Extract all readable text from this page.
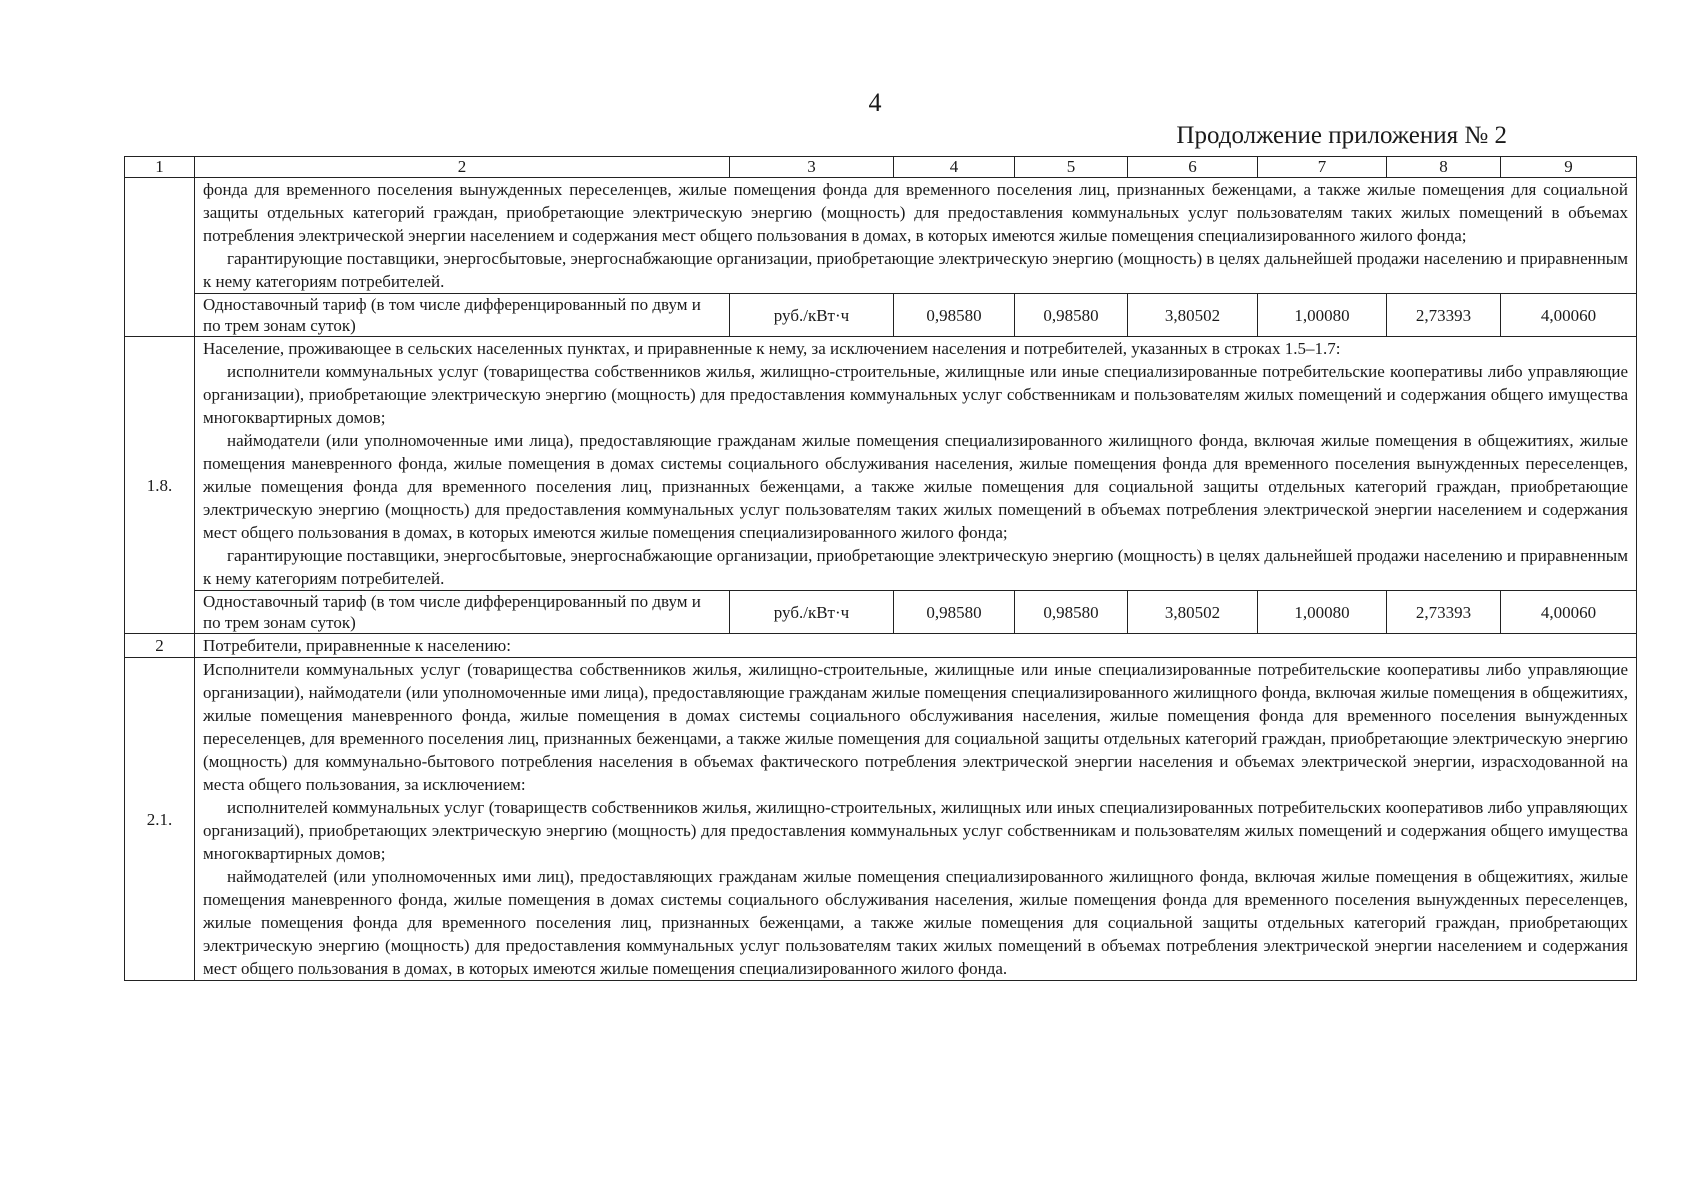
4
Продолжение приложения № 2
1	2	3	4	5	6	7	8	9

	фонда для временного поселения вынужденных переселенцев, жилые помещения фонда для временного поселения лиц, признанных беженцами, а также жилые помещения для социальной защиты отдельных категорий граждан, приобретающие электрическую энергию (мощность) для предоставления коммунальных услуг пользователям таких жилых помещений в объемах потребления электрической энергии населением и содержания мест общего пользования в домах, в которых имеются жилые помещения специализированного жилого фонда;

гарантирующие поставщики, энергосбытовые, энергоснабжающие организации, приобретающие электрическую энергию (мощность) в целях дальнейшей продажи населению и приравненным к нему категориям потребителей.							

	Одноставочный тариф (в том числе дифференцированный по двум и по трем зонам суток)	руб./кВт·ч	0,98580	0,98580	3,80502	1,00080	2,73393	4,00060
1.8.	Население, проживающее в сельских населенных пунктах, и приравненные к нему, за исключением населения и потребителей, указанных в строках 1.5–1.7:

исполнители коммунальных услуг (товарищества собственников жилья, жилищно-строительные, жилищные или иные специализированные потребительские кооперативы либо управляющие организации), приобретающие электрическую энергию (мощность) для предоставления коммунальных услуг собственникам и пользователям жилых помещений и содержания общего имущества многоквартирных домов;

наймодатели (или уполномоченные ими лица), предоставляющие гражданам жилые помещения специализированного жилищного фонда, включая жилые помещения в общежитиях, жилые помещения маневренного фонда, жилые помещения в домах системы социального обслуживания населения, жилые помещения фонда для временного поселения вынужденных переселенцев, жилые помещения фонда для временного поселения лиц, признанных беженцами, а также жилые помещения для социальной защиты отдельных категорий граждан, приобретающие электрическую энергию (мощность) для предоставления коммунальных услуг пользователям таких жилых помещений в объемах потребления электрической энергии населением и содержания мест общего пользования в домах, в которых имеются жилые помещения специализированного жилого фонда;

гарантирующие поставщики, энергосбытовые, энергоснабжающие организации, приобретающие электрическую энергию (мощность) в целях дальнейшей продажи населению и приравненным к нему категориям потребителей.							

	Одноставочный тариф (в том числе дифференцированный по двум и по трем зонам суток)	руб./кВт·ч	0,98580	0,98580	3,80502	1,00080	2,73393	4,00060
2	Потребители, приравненные к населению:							
2.1.	Исполнители коммунальных услуг (товарищества собственников жилья, жилищно-строительные, жилищные или иные специализированные потребительские кооперативы либо управляющие организации), наймодатели (или уполномоченные ими лица), предоставляющие гражданам жилые помещения специализированного жилищного фонда, включая жилые помещения в общежитиях, жилые помещения маневренного фонда, жилые помещения в домах системы социального обслуживания населения, жилые помещения фонда для временного поселения вынужденных переселенцев, для временного поселения лиц, признанных беженцами, а также жилые помещения для социальной защиты отдельных категорий граждан, приобретающие электрическую энергию (мощность) для коммунально-бытового потребления населения в объемах фактического потребления электрической энергии населения и объемах электрической энергии, израсходованной на места общего пользования, за исключением:

исполнителей коммунальных услуг (товариществ собственников жилья, жилищно-строительных, жилищных или иных специализированных потребительских кооперативов либо управляющих организаций), приобретающих электрическую энергию (мощность) для предоставления коммунальных услуг собственникам и пользователям жилых помещений и содержания общего имущества многоквартирных домов;

наймодателей (или уполномоченных ими лиц), предоставляющих гражданам жилые помещения специализированного жилищного фонда, включая жилые помещения в общежитиях, жилые помещения маневренного фонда, жилые помещения в домах системы социального обслуживания населения, жилые помещения фонда для временного поселения вынужденных переселенцев, жилые помещения фонда для временного поселения лиц, признанных беженцами, а также жилые помещения для социальной защиты отдельных категорий граждан, приобретающих электрическую энергию (мощность) для предоставления коммунальных услуг пользователям таких жилых помещений в объемах потребления электрической энергии населением и содержания мест общего пользования в домах, в которых имеются жилые помещения специализированного жилого фонда.							
